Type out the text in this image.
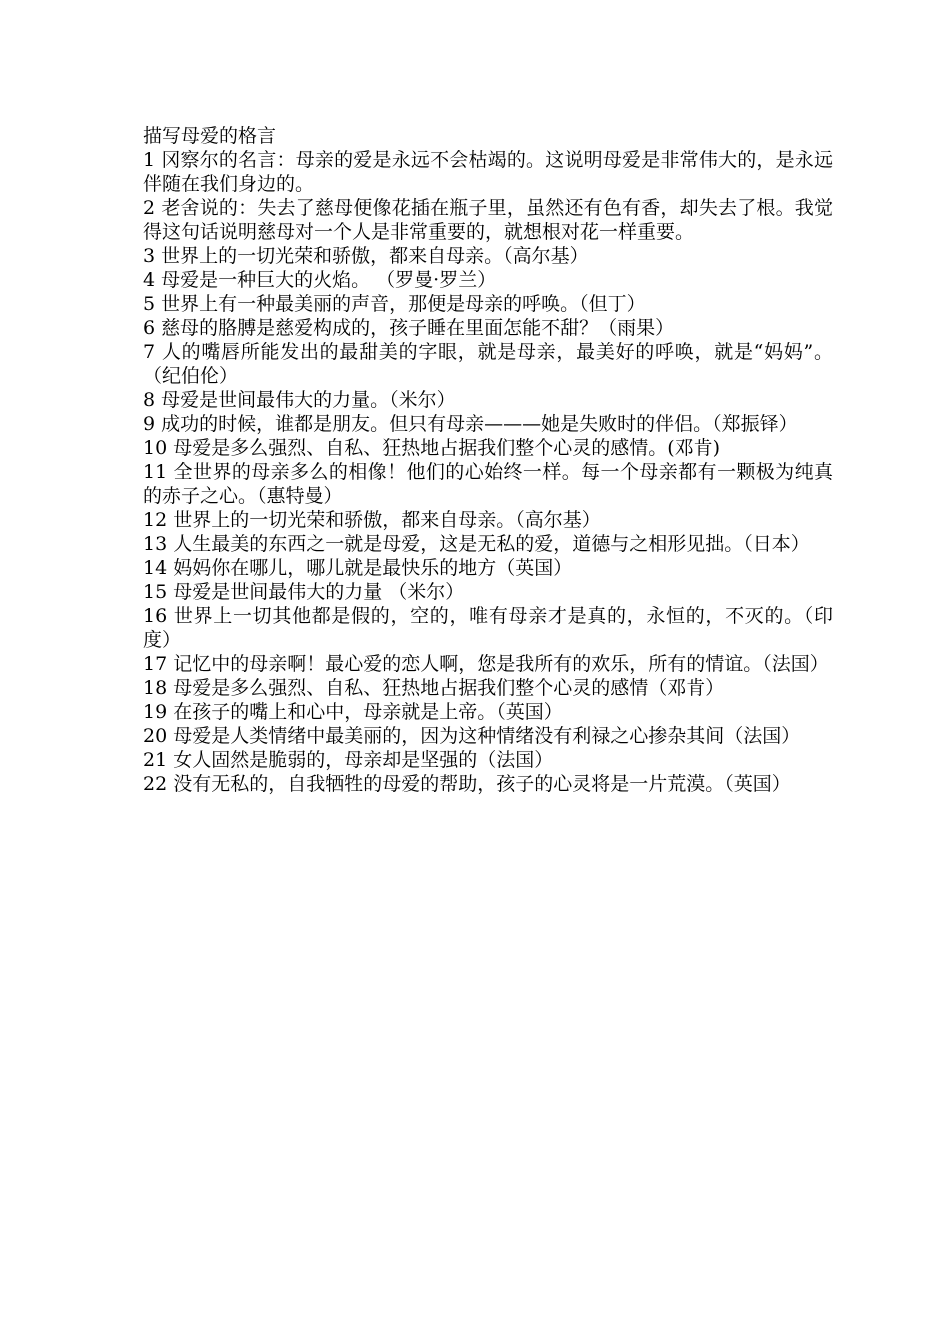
描写母爱的格言

1 冈察尔的名言：母亲的爱是永远不会枯竭的。这说明母爱是非常伟大的，是永远伴随在我们身边的。

2 老舍说的：失去了慈母便像花插在瓶子里，虽然还有色有香，却失去了根。我觉得这句话说明慈母对一个人是非常重要的，就想根对花一样重要。

3 世界上的一切光荣和骄傲，都来自母亲。（高尔基）

4 母爱是一种巨大的火焰。 （罗曼·罗兰）

5 世界上有一种最美丽的声音，那便是母亲的呼唤。（但丁）

6 慈母的胳膊是慈爱构成的，孩子睡在里面怎能不甜？（雨果）

7 人的嘴唇所能发出的最甜美的字眼，就是母亲，最美好的呼唤，就是“妈妈”。（纪伯伦）

8 母爱是世间最伟大的力量。（米尔）

9 成功的时候，谁都是朋友。但只有母亲———她是失败时的伴侣。（郑振铎）

10 母爱是多么强烈、自私、狂热地占据我们整个心灵的感情。(邓肯)

11 全世界的母亲多么的相像！他们的心始终一样。每一个母亲都有一颗极为纯真的赤子之心。（惠特曼）

12 世界上的一切光荣和骄傲，都来自母亲。（高尔基）

13 人生最美的东西之一就是母爱，这是无私的爱，道德与之相形见拙。（日本）

14 妈妈你在哪儿，哪儿就是最快乐的地方（英国）

15 母爱是世间最伟大的力量 （米尔）

16 世界上一切其他都是假的，空的，唯有母亲才是真的，永恒的，不灭的。（印度）

17 记忆中的母亲啊！最心爱的恋人啊，您是我所有的欢乐，所有的情谊。（法国）

18 母爱是多么强烈、自私、狂热地占据我们整个心灵的感情（邓肯）

19 在孩子的嘴上和心中，母亲就是上帝。（英国）

20 母爱是人类情绪中最美丽的，因为这种情绪没有利禄之心掺杂其间（法国）

21 女人固然是脆弱的，母亲却是坚强的（法国）

22 没有无私的，自我牺牲的母爱的帮助，孩子的心灵将是一片荒漠。（英国）
